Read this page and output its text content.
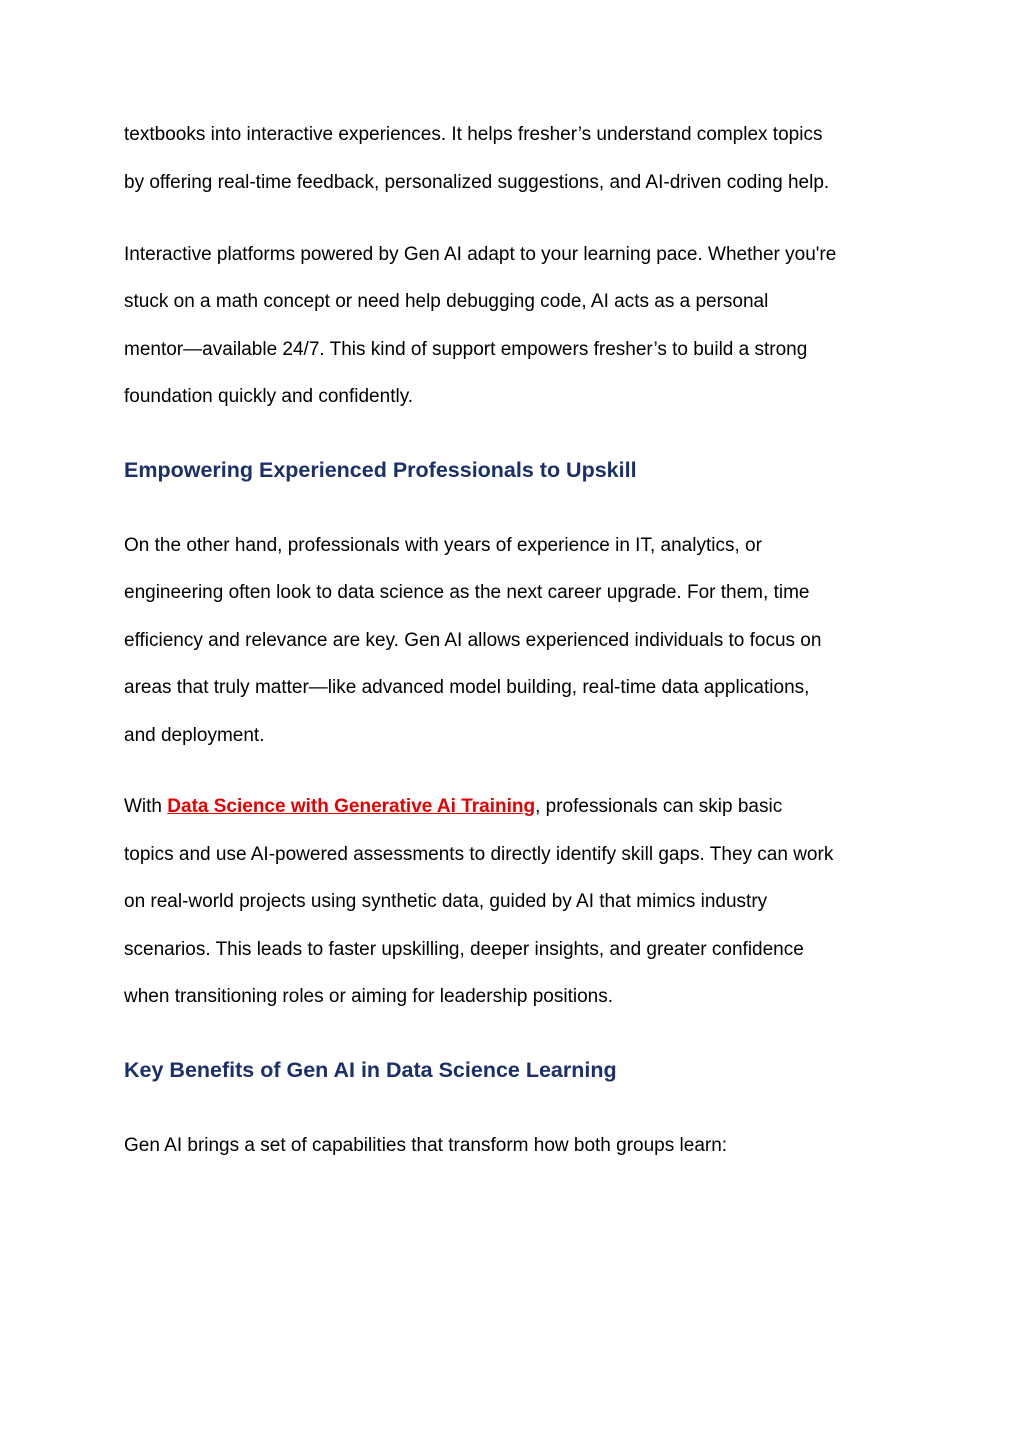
textbooks into interactive experiences. It helps fresher’s understand complex topics

by offering real-time feedback, personalized suggestions, and AI-driven coding help.

Interactive platforms powered by Gen AI adapt to your learning pace. Whether you're

stuck on a math concept or need help debugging code, AI acts as a personal

mentor—available 24/7. This kind of support empowers fresher’s to build a strong

foundation quickly and confidently.

Empowering Experienced Professionals to Upskill

On the other hand, professionals with years of experience in IT, analytics, or

engineering often look to data science as the next career upgrade. For them, time

efficiency and relevance are key. Gen AI allows experienced individuals to focus on

areas that truly matter—like advanced model building, real-time data applications,

and deployment.

With Data Science with Generative Ai Training, professionals can skip basic

topics and use AI-powered assessments to directly identify skill gaps. They can work

on real-world projects using synthetic data, guided by AI that mimics industry

scenarios. This leads to faster upskilling, deeper insights, and greater confidence

when transitioning roles or aiming for leadership positions.

Key Benefits of Gen AI in Data Science Learning

Gen AI brings a set of capabilities that transform how both groups learn:
